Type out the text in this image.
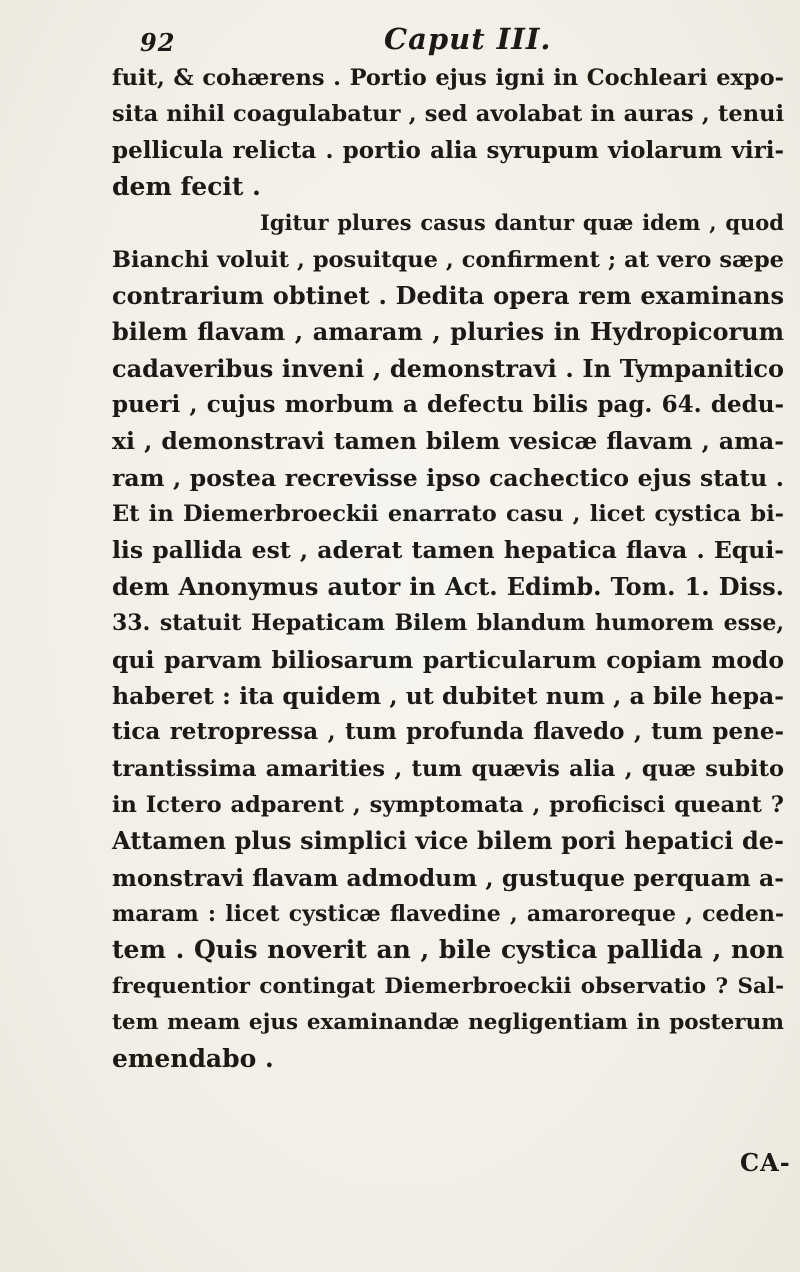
92	Caput III.
fuit, & cohærens . Portio ejus igni in Cochleari expo-
sita nihil coagulabatur , sed avolabat in auras , tenui
pellicula relicta . portio alia syrupum violarum viri-
dem fecit .
Igitur plures casus dantur quæ idem , quod
Bianchi voluit , posuitque , confirment ; at vero sæpe
contrarium obtinet . Dedita opera rem examinans
bilem flavam , amaram , pluries in Hydropicorum
cadaveribus inveni , demonstravi . In Tympanitico
pueri , cujus morbum a defectu bilis pag. 64. dedu-
xi , demonstravi tamen bilem vesicæ flavam , ama-
ram , postea recrevisse ipso cachectico ejus statu .
Et in Diemerbroeckii enarrato casu , licet cystica bi-
lis pallida est , aderat tamen hepatica flava . Equi-
dem Anonymus autor in Act. Edimb. Tom. 1. Diss.
33. statuit Hepaticam Bilem blandum humorem esse,
qui parvam biliosarum particularum copiam modo
haberet : ita quidem , ut dubitet num , a bile hepa-
tica retropressa , tum profunda flavedo , tum pene-
trantissima amarities , tum quævis alia , quæ subito
in Ictero adparent , symptomata , proficisci queant ?
Attamen plus simplici vice bilem pori hepatici de-
monstravi flavam admodum , gustuque perquam a-
maram : licet cysticæ flavedine , amaroreque , ceden-
tem . Quis noverit an , bile cystica pallida , non
frequentior contingat Diemerbroeckii observatio ? Sal-
tem meam ejus examinandæ negligentiam in posterum
emendabo .
CA-
